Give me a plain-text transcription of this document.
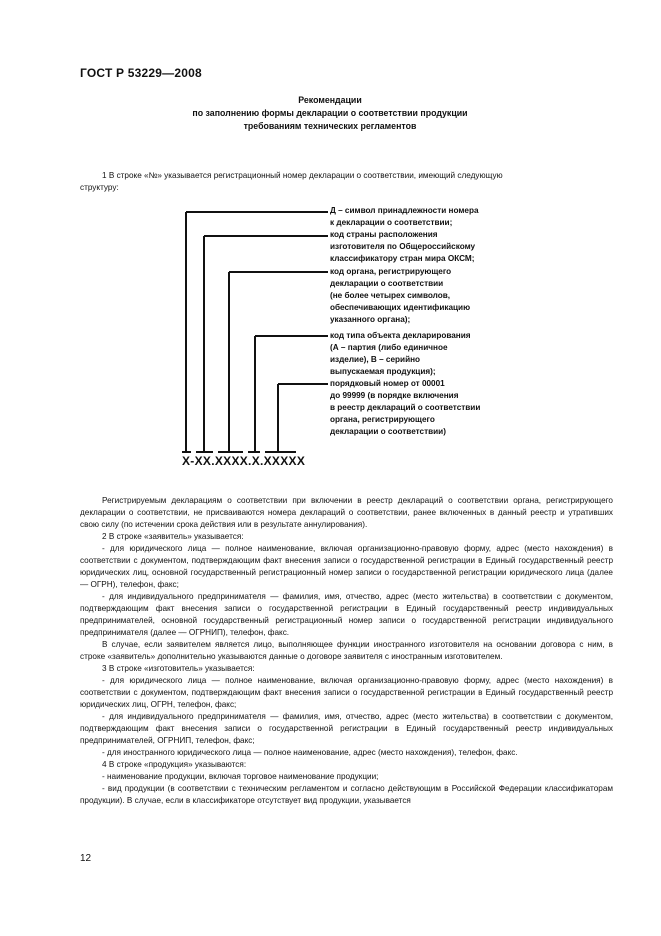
ГОСТ Р 53229—2008
Рекомендации
по заполнению формы декларации о соответствии продукции
требованиям технических регламентов

1 В строке «№» указывается регистрационный номер декларации о соответствии, имеющий следующую

структуру:

Д – символ принадлежности номера
к декларации о соответствии;
код страны расположения
изготовителя по Общероссийскому
классификатору стран мира ОКСМ;
код органа, регистрирующего
декларации о соответствии
(не более четырех символов,
обеспечивающих идентификацию
указанного органа);
код типа объекта декларирования
(А – партия (либо единичное
изделие), В – серийно
выпускаемая продукция);
порядковый номер от 00001
до 99999 (в порядке включения
в реестр деклараций о соответствии
органа, регистрирующего
декларации о соответствии)
Х-ХХ.ХХХХ.Х.ХХХХХ

Регистрируемым декларациям о соответствии при включении в реестр деклараций о соответствии органа, регистрирующего декларации о соответствии, не присваиваются номера деклараций о соответствии, ранее включенных в данный реестр и утративших свою силу (по истечении срока действия или в результате аннулирования).

2 В строке «заявитель» указывается:

- для юридического лица — полное наименование, включая организационно-правовую форму, адрес (место нахождения) в соответствии с документом, подтверждающим факт внесения записи о государственной регистрации в Единый государственный реестр юридических лиц, основной государственный регистрационный номер записи о государственной регистрации юридического лица (далее — ОГРН), телефон, факс;

- для индивидуального предпринимателя — фамилия, имя, отчество, адрес (место жительства) в соответствии с документом, подтверждающим факт внесения записи о государственной регистрации в Единый государственный реестр индивидуальных предпринимателей, основной государственный регистрационный номер записи о государственной регистрации индивидуального предпринимателя (далее — ОГРНИП), телефон, факс.

В случае, если заявителем является лицо, выполняющее функции иностранного изготовителя на основании договора с ним, в строке «заявитель» дополнительно указываются данные о договоре заявителя с иностранным изготовителем.

3 В строке «изготовитель» указывается:

- для юридического лица — полное наименование, включая организационно-правовую форму, адрес (место нахождения) в соответствии с документом, подтверждающим факт внесения записи о государственной регистрации в Единый государственный реестр юридических лиц, ОГРН, телефон, факс;

- для индивидуального предпринимателя — фамилия, имя, отчество, адрес (место жительства) в соответствии с документом, подтверждающим факт внесения записи о государственной регистрации в Единый государственный реестр индивидуальных предпринимателей, ОГРНИП, телефон, факс;

- для иностранного юридического лица — полное наименование, адрес (место нахождения), телефон, факс.

4 В строке «продукция» указываются:

- наименование продукции, включая торговое наименование продукции;

- вид продукции (в соответствии с техническим регламентом и согласно действующим в Российской Федерации классификаторам продукции). В случае, если в классификаторе отсутствует вид продукции, указывается

12
